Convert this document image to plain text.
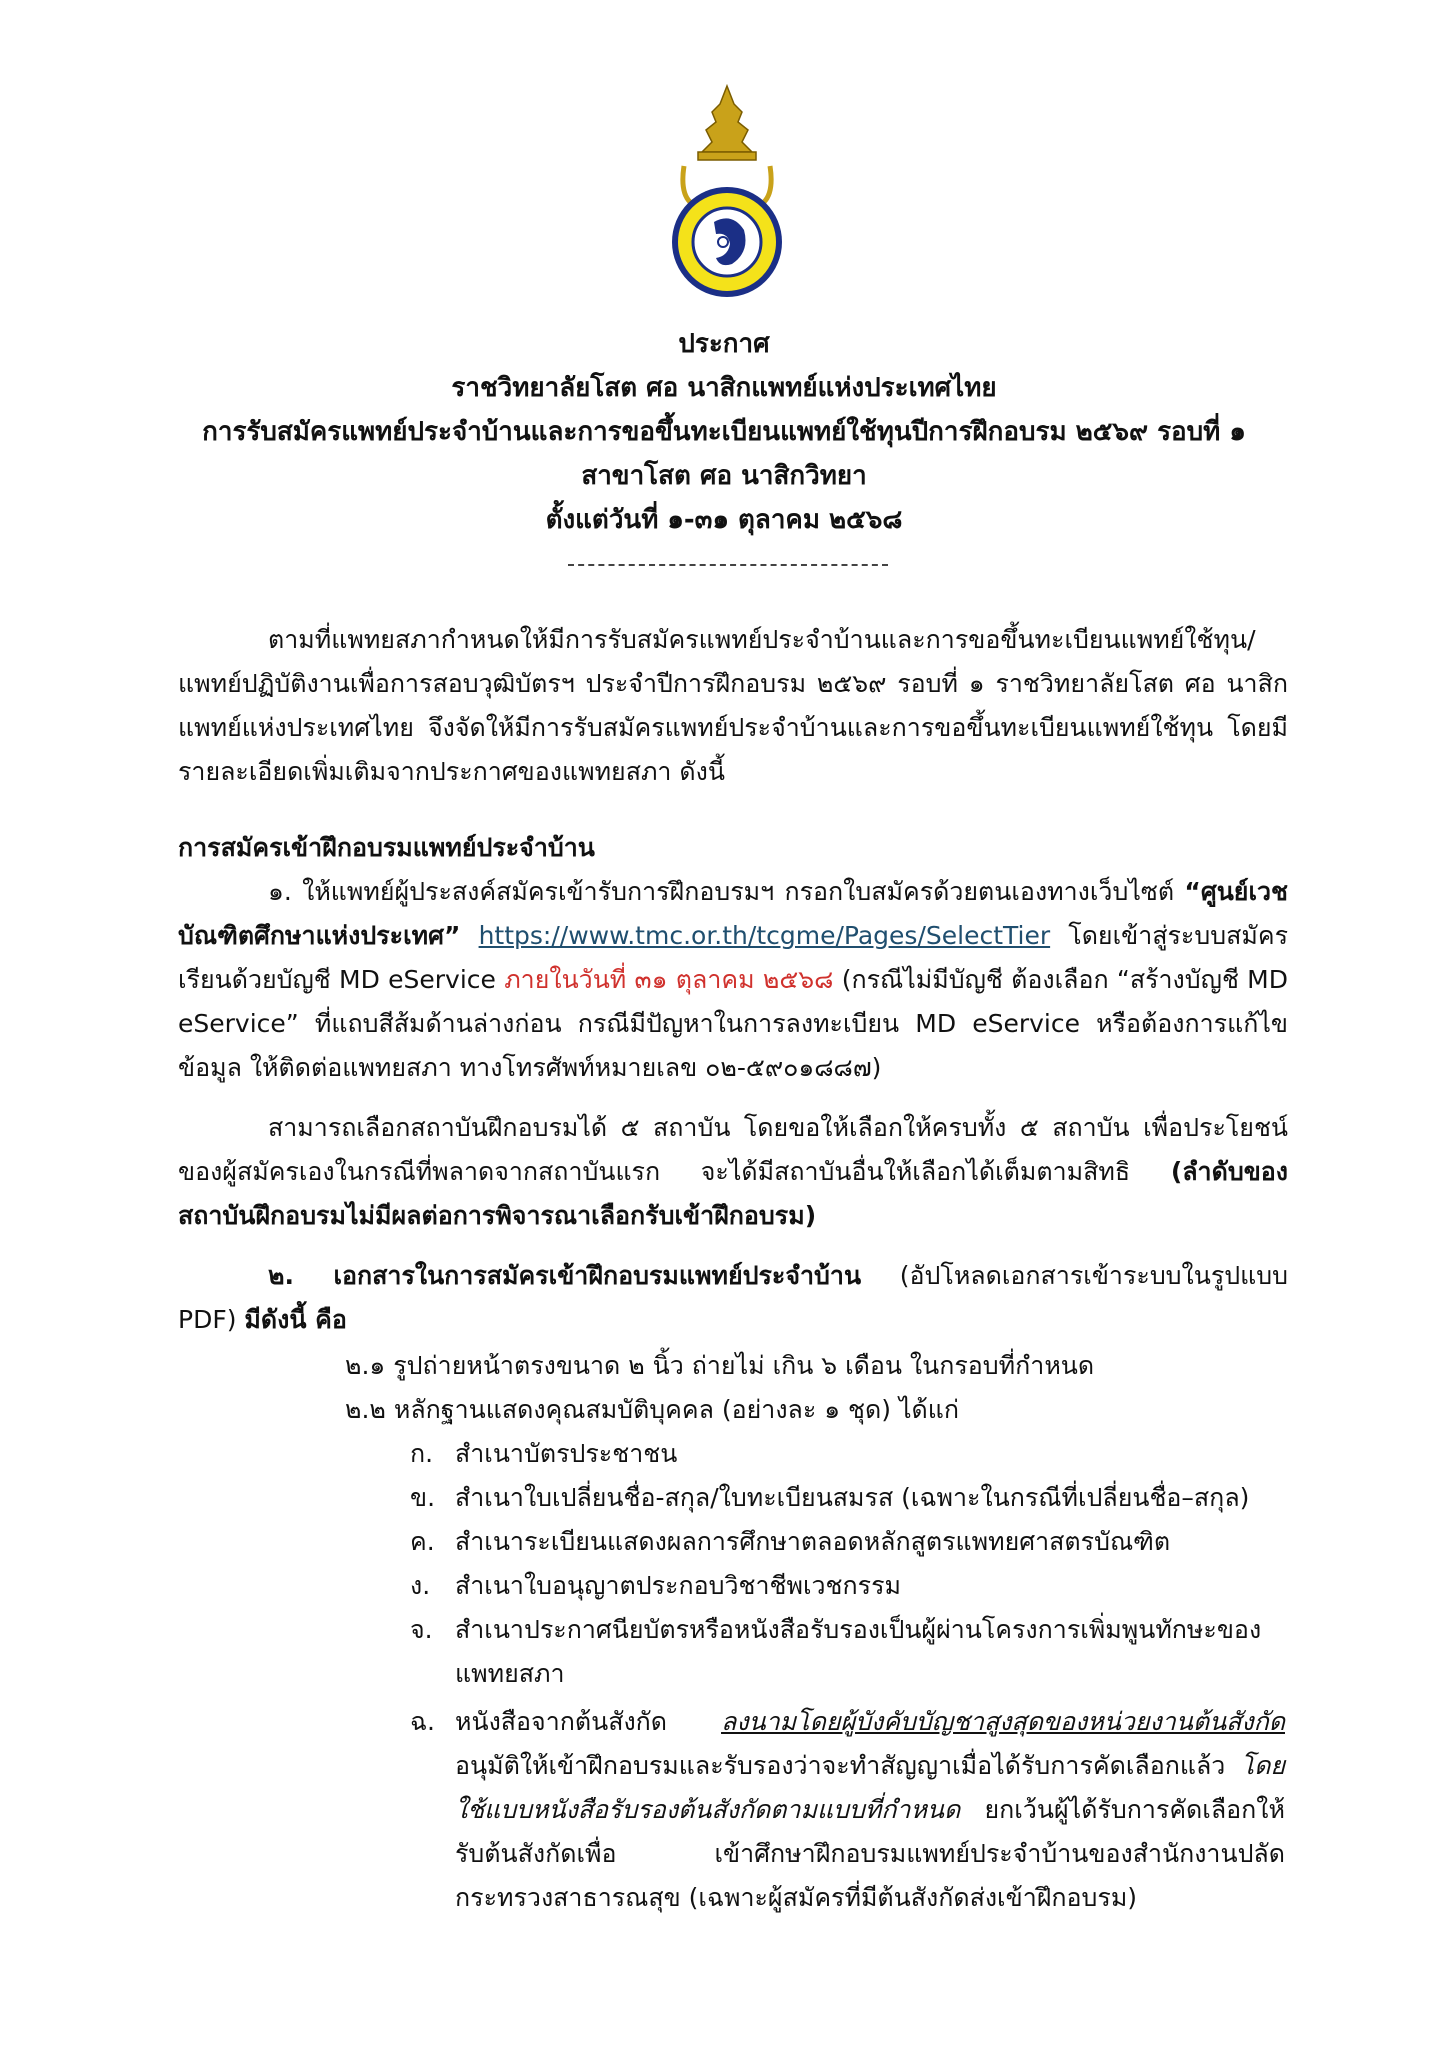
ประกาศ
ราชวิทยาลัยโสต ศอ นาสิกแพทย์แห่งประเทศไทย
การรับสมัครแพทย์ประจำบ้านและการขอขึ้นทะเบียนแพทย์ใช้ทุนปีการฝึกอบรม ๒๕๖๙ รอบที่ ๑
สาขาโสต ศอ นาสิกวิทยา
ตั้งแต่วันที่ ๑-๓๑ ตุลาคม ๒๕๖๘

ตามที่แพทยสภากำหนดให้มีการรับสมัครแพทย์ประจำบ้านและการขอขึ้นทะเบียนแพทย์ใช้ทุน/แพทย์ปฏิบัติงานเพื่อการสอบวุฒิบัตรฯ ประจำปีการฝึกอบรม ๒๕๖๙ รอบที่ ๑ ราชวิทยาลัยโสต ศอ นาสิกแพทย์แห่งประเทศไทย จึงจัดให้มีการรับสมัครแพทย์ประจำบ้านและการขอขึ้นทะเบียนแพทย์ใช้ทุน โดยมีรายละเอียดเพิ่มเติมจากประกาศของแพทยสภา ดังนี้

การสมัครเข้าฝึกอบรมแพทย์ประจำบ้าน

๑. ให้แพทย์ผู้ประสงค์สมัครเข้ารับการฝึกอบรมฯ กรอกใบสมัครด้วยตนเองทางเว็บไซต์ “ศูนย์เวชบัณฑิตศึกษาแห่งประเทศ” https://www.tmc.or.th/tcgme/Pages/SelectTier โดยเข้าสู่ระบบสมัครเรียนด้วยบัญชี MD eService ภายในวันที่ ๓๑ ตุลาคม ๒๕๖๘ (กรณีไม่มีบัญชี ต้องเลือก “สร้างบัญชี MD eService” ที่แถบสีส้มด้านล่างก่อน กรณีมีปัญหาในการลงทะเบียน MD eService หรือต้องการแก้ไขข้อมูล ให้ติดต่อแพทยสภา ทางโทรศัพท์หมายเลข ๐๒-๕๙๐๑๘๘๗)

สามารถเลือกสถาบันฝึกอบรมได้ ๕ สถาบัน โดยขอให้เลือกให้ครบทั้ง ๕ สถาบัน เพื่อประโยชน์ของผู้สมัครเองในกรณีที่พลาดจากสถาบันแรก จะได้มีสถาบันอื่นให้เลือกได้เต็มตามสิทธิ (ลำดับของสถาบันฝึกอบรมไม่มีผลต่อการพิจารณาเลือกรับเข้าฝึกอบรม)

๒. เอกสารในการสมัครเข้าฝึกอบรมแพทย์ประจำบ้าน (อัปโหลดเอกสารเข้าระบบในรูปแบบ PDF) มีดังนี้ คือ

๒.๑ รูปถ่ายหน้าตรงขนาด ๒ นิ้ว ถ่ายไม่ เกิน ๖ เดือน ในกรอบที่กำหนด
๒.๒ หลักฐานแสดงคุณสมบัติบุคคล (อย่างละ ๑ ชุด) ได้แก่
ก. สำเนาบัตรประชาชน
ข. สำเนาใบเปลี่ยนชื่อ-สกุล/ใบทะเบียนสมรส (เฉพาะในกรณีที่เปลี่ยนชื่อ–สกุล)
ค. สำเนาระเบียนแสดงผลการศึกษาตลอดหลักสูตรแพทยศาสตรบัณฑิต
ง. สำเนาใบอนุญาตประกอบวิชาชีพเวชกรรม
จ. สำเนาประกาศนียบัตรหรือหนังสือรับรองเป็นผู้ผ่านโครงการเพิ่มพูนทักษะของแพทยสภา
ฉ. หนังสือจากต้นสังกัด ลงนามโดยผู้บังคับบัญชาสูงสุดของหน่วยงานต้นสังกัด อนุมัติให้เข้าฝึกอบรมและรับรองว่าจะทำสัญญาเมื่อได้รับการคัดเลือกแล้ว โดยใช้แบบหนังสือรับรองต้นสังกัดตามแบบที่กำหนด ยกเว้นผู้ได้รับการคัดเลือกให้รับต้นสังกัดเพื่อ เข้าศึกษาฝึกอบรมแพทย์ประจำบ้านของสำนักงานปลัดกระทรวงสาธารณสุข (เฉพาะผู้สมัครที่มีต้นสังกัดส่งเข้าฝึกอบรม)
